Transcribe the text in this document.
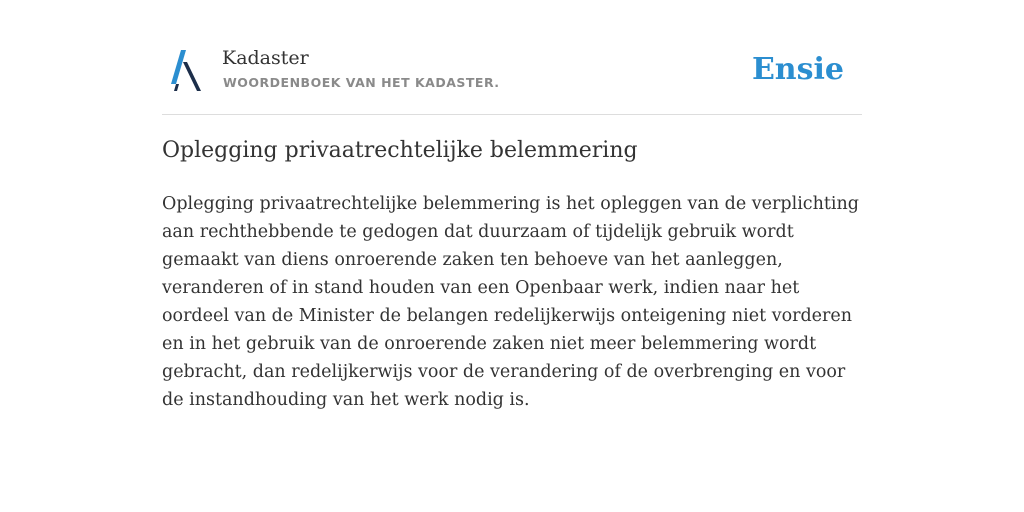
Kadaster
WOORDENBOEK VAN HET KADASTER.	Ensie
Oplegging privaatrechtelijke belemmering

Oplegging privaatrechtelijke belemmering is het opleggen van de verplichting aan rechthebbende te gedogen dat duurzaam of tijdelijk gebruik wordt gemaakt van diens onroerende zaken ten behoeve van het aanleggen, veranderen of in stand houden van een Openbaar werk, indien naar het oordeel van de Minister de belangen redelijkerwijs onteigening niet vorderen en in het gebruik van de onroerende zaken niet meer belemmering wordt gebracht, dan redelijkerwijs voor de verandering of de overbrenging en voor de instandhouding van het werk nodig is.
